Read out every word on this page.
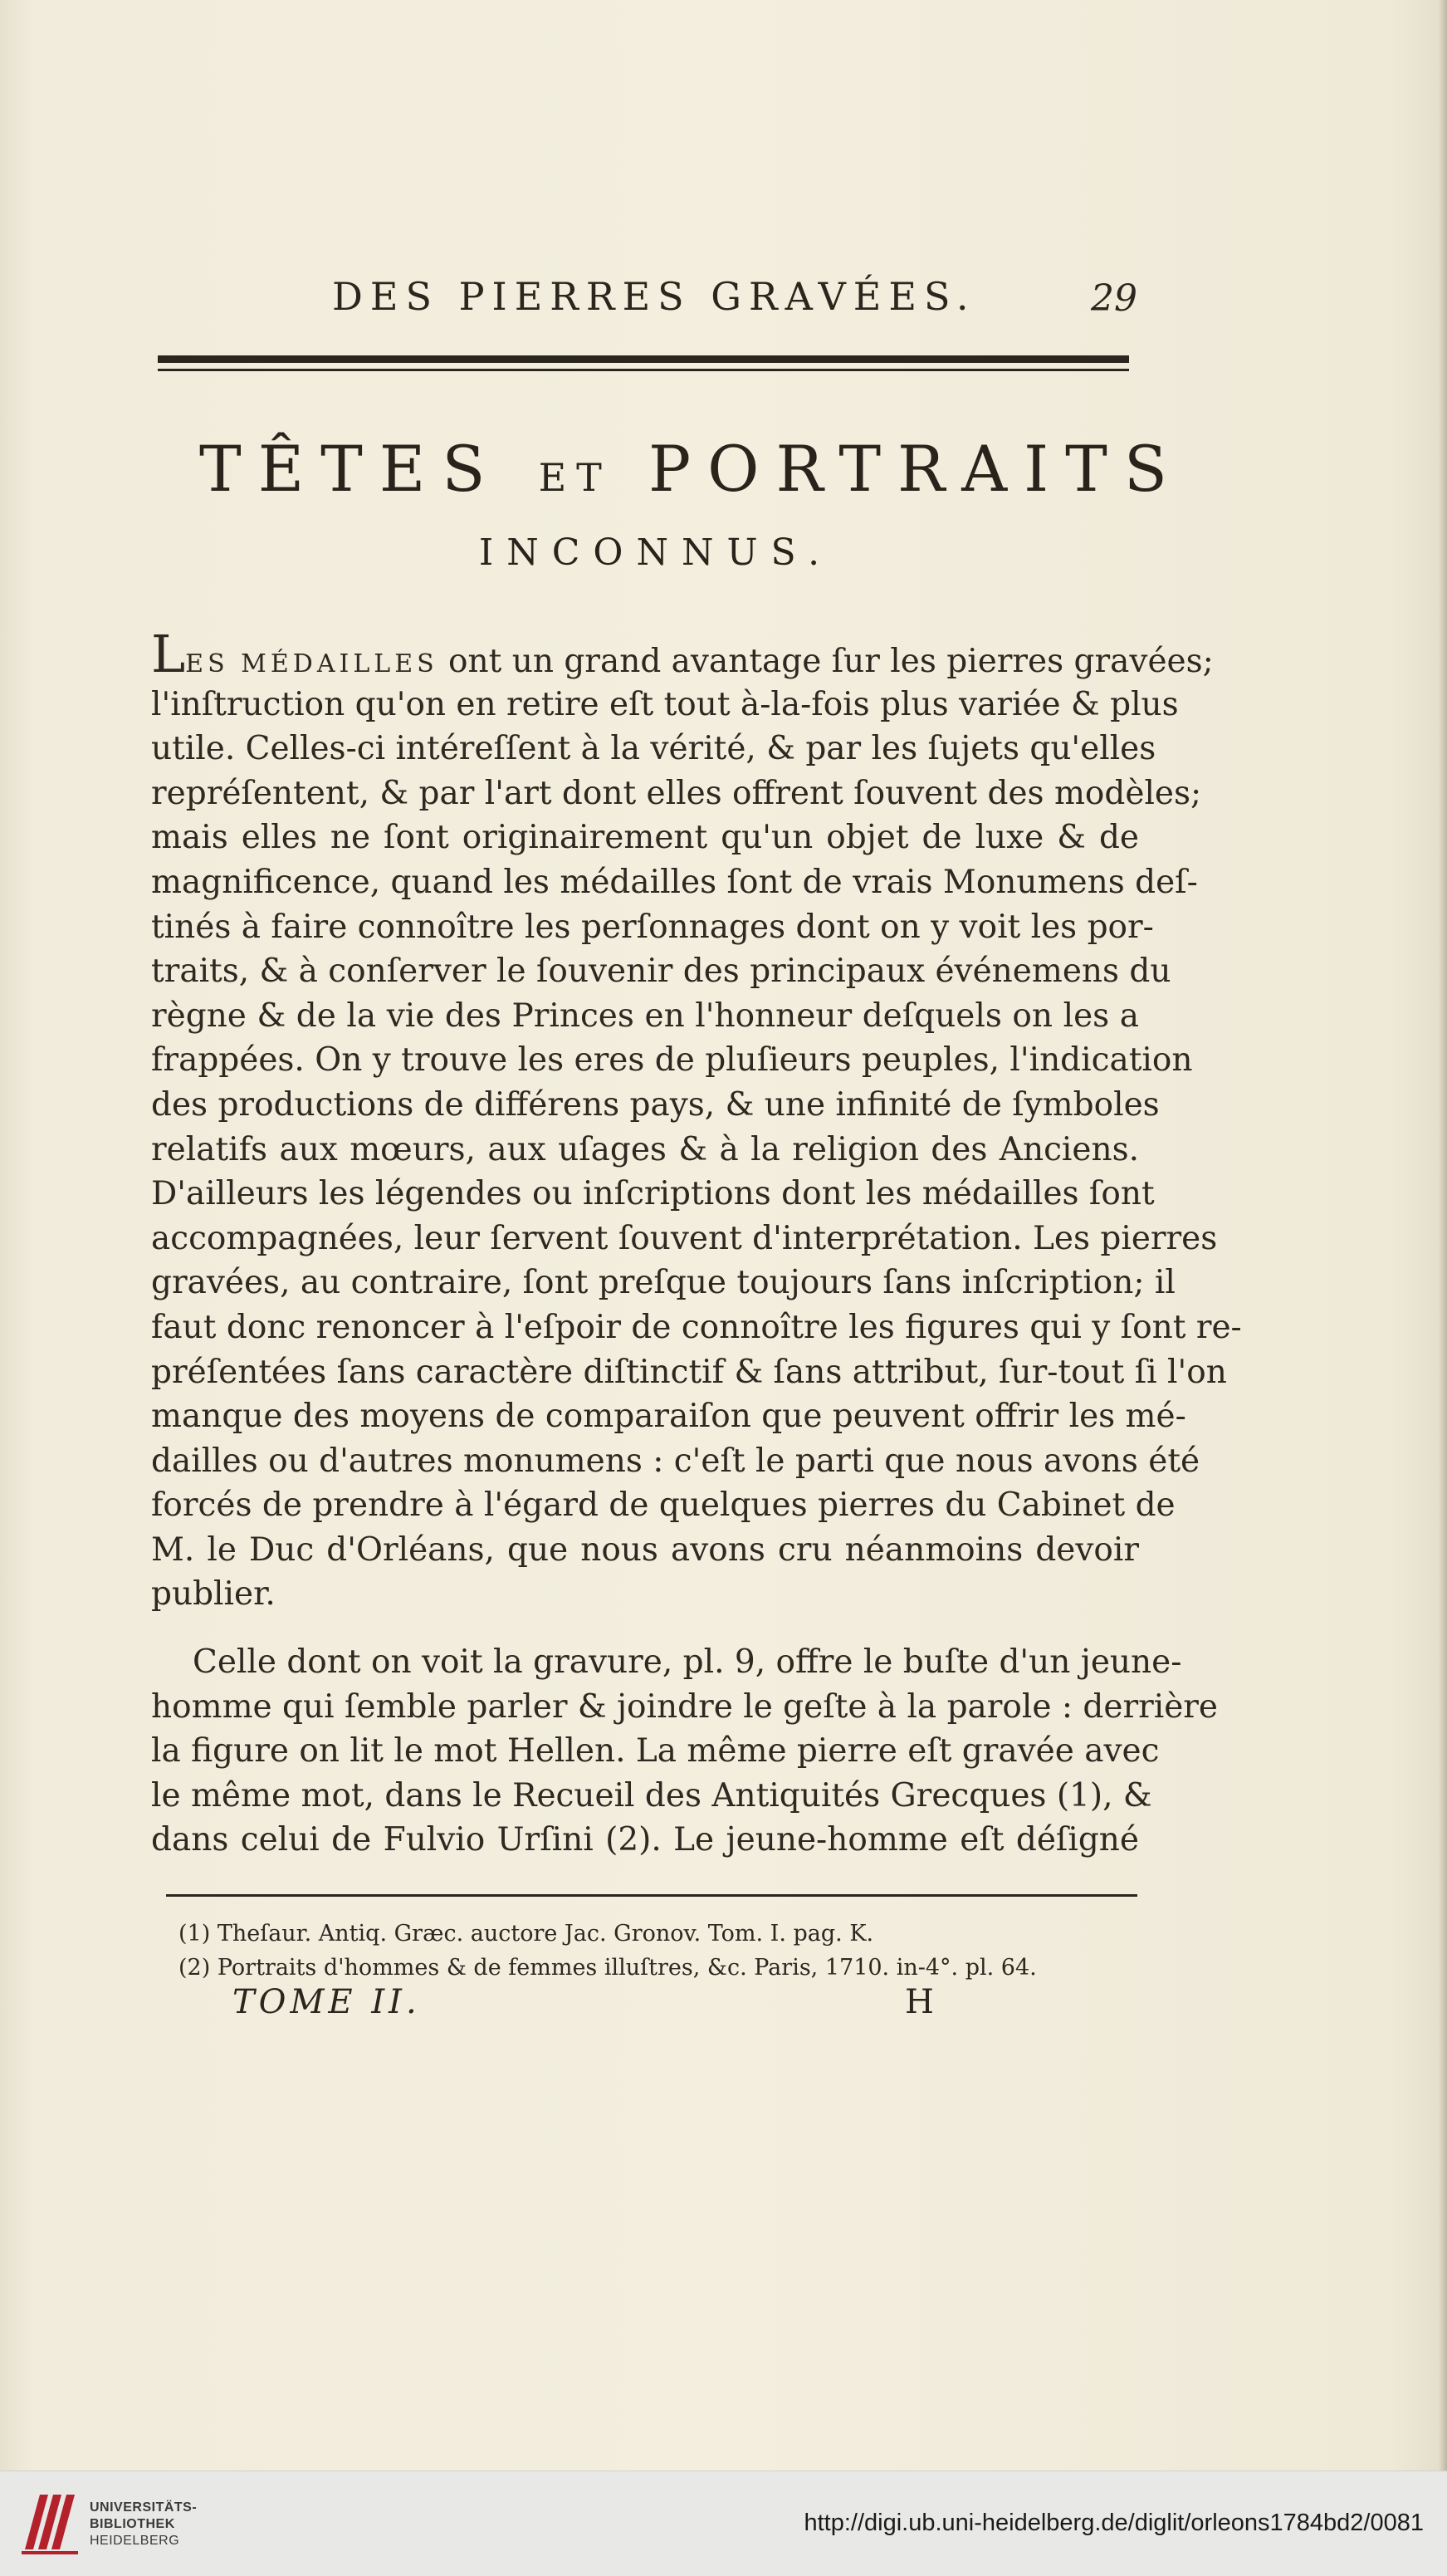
DES PIERRES GRAVÉES.	29
TÊTES ET PORTRAITS
INCONNUS.
LES MÉDAILLES ont un grand avantage ſur les pierres gravées;
l'inſtruction qu'on en retire eſt tout à-la-fois plus variée & plus
utile. Celles-ci intéreſſent à la vérité, & par les ſujets qu'elles
repréſentent, & par l'art dont elles offrent ſouvent des modèles;
mais elles ne ſont originairement qu'un objet de luxe & de
magnificence, quand les médailles ſont de vrais Monumens deſ-
tinés à faire connoître les perſonnages dont on y voit les por-
traits, & à conſerver le ſouvenir des principaux événemens du
règne & de la vie des Princes en l'honneur deſquels on les a
frappées. On y trouve les eres de pluſieurs peuples, l'indication
des productions de différens pays, & une infinité de ſymboles
relatifs aux mœurs, aux uſages & à la religion des Anciens.
D'ailleurs les légendes ou inſcriptions dont les médailles ſont
accompagnées, leur ſervent ſouvent d'interprétation. Les pierres
gravées, au contraire, ſont preſque toujours ſans inſcription; il
faut donc renoncer à l'eſpoir de connoître les figures qui y ſont re-
préſentées ſans caractère diſtinctif & ſans attribut, ſur-tout ſi l'on
manque des moyens de comparaiſon que peuvent offrir les mé-
dailles ou d'autres monumens : c'eſt le parti que nous avons été
forcés de prendre à l'égard de quelques pierres du Cabinet de
M. le Duc d'Orléans, que nous avons cru néanmoins devoir
publier.
Celle dont on voit la gravure, pl. 9, offre le buſte d'un jeune-
homme qui ſemble parler & joindre le geſte à la parole : derrière
la figure on lit le mot Hellen. La même pierre eſt gravée avec
le même mot, dans le Recueil des Antiquités Grecques (1), &
dans celui de Fulvio Urſini (2). Le jeune-homme eſt déſigné
(1) Theſaur. Antiq. Græc. auctore Jac. Gronov. Tom. I. pag. K.
(2) Portraits d'hommes & de femmes illuſtres, &c. Paris, 1710. in-4°. pl. 64.
TOME II.	H
UNIVERSITÄTS-
BIBLIOTHEK
HEIDELBERG
http://digi.ub.uni-heidelberg.de/diglit/orleons1784bd2/0081
